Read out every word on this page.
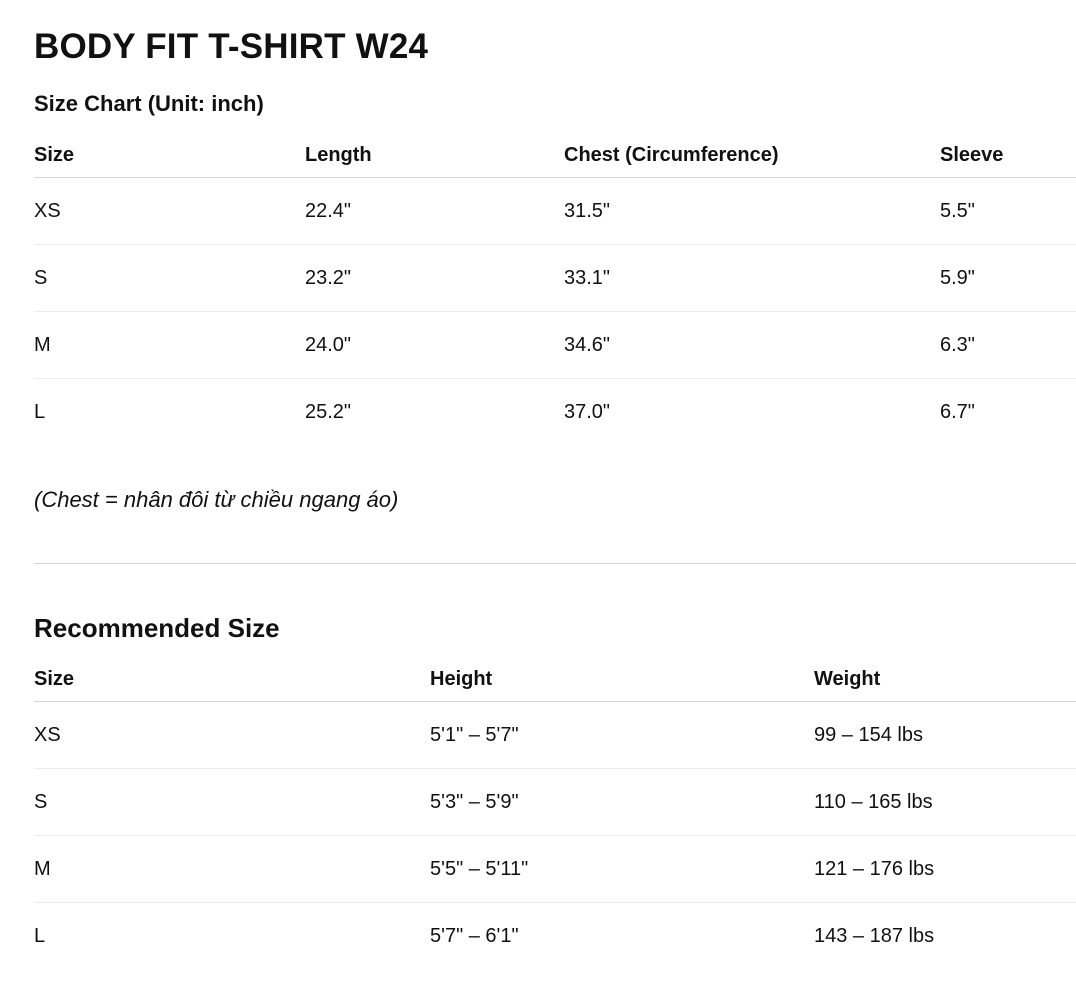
BODY FIT T-SHIRT W24
Size Chart (Unit: inch)
Size	Length	Chest (Circumference)	Sleeve
XS	22.4"	31.5"	5.5"
S	23.2"	33.1"	5.9"
M	24.0"	34.6"	6.3"
L	25.2"	37.0"	6.7"

(Chest = nhân đôi từ chiều ngang áo)

Recommended Size
Size	Height	Weight
XS	5'1" – 5'7"	99 – 154 lbs
S	5'3" – 5'9"	110 – 165 lbs
M	5'5" – 5'11"	121 – 176 lbs
L	5'7" – 6'1"	143 – 187 lbs
